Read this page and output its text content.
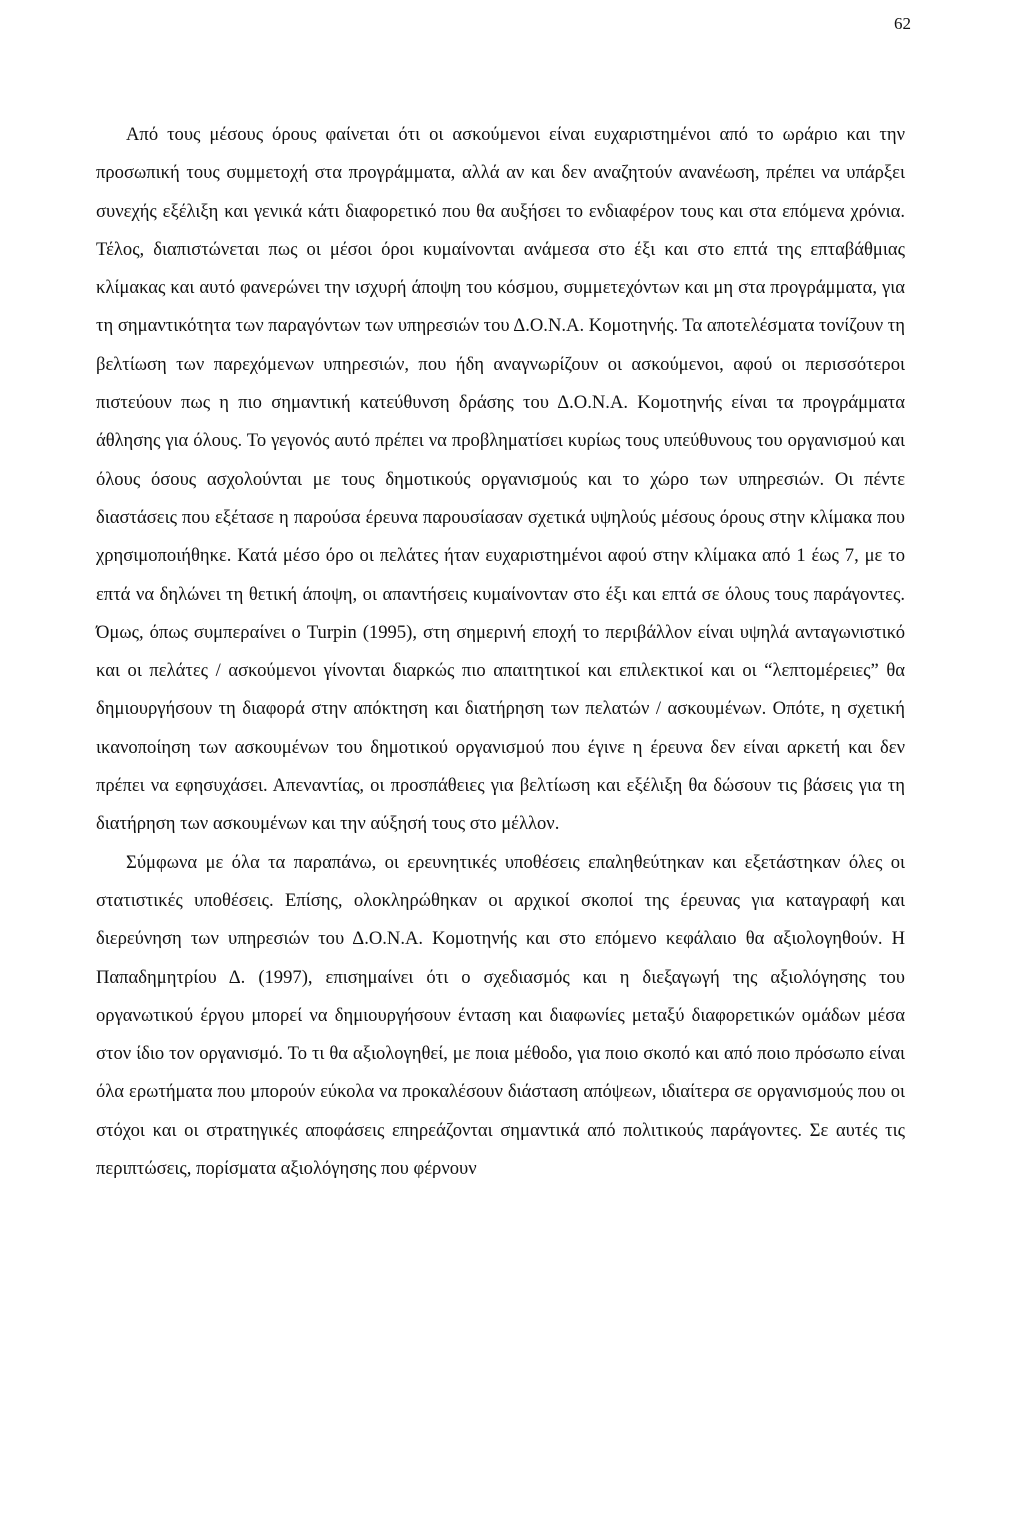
62

Από τους μέσους όρους φαίνεται ότι οι ασκούμενοι είναι ευχαριστημένοι από το ωράριο και την προσωπική τους συμμετοχή στα προγράμματα, αλλά αν και δεν αναζητούν ανανέωση, πρέπει να υπάρξει συνεχής εξέλιξη και γενικά κάτι διαφορετικό που θα αυξήσει το ενδιαφέρον τους και στα επόμενα χρόνια. Τέλος, διαπιστώνεται πως οι μέσοι όροι κυμαίνονται ανάμεσα στο έξι και στο επτά της επταβάθμιας κλίμακας και αυτό φανερώνει την ισχυρή άποψη του κόσμου, συμμετεχόντων και μη στα προγράμματα, για τη σημαντικότητα των παραγόντων των υπηρεσιών του Δ.Ο.Ν.Α. Κομοτηνής. Τα αποτελέσματα τονίζουν τη βελτίωση των παρεχόμενων υπηρεσιών, που ήδη αναγνωρίζουν οι ασκούμενοι, αφού οι περισσότεροι πιστεύουν πως η πιο σημαντική κατεύθυνση δράσης του Δ.Ο.Ν.Α. Κομοτηνής είναι τα προγράμματα άθλησης για όλους. Το γεγονός αυτό πρέπει να προβληματίσει κυρίως τους υπεύθυνους του οργανισμού και όλους όσους ασχολούνται με τους δημοτικούς οργανισμούς και το χώρο των υπηρεσιών. Οι πέντε διαστάσεις που εξέτασε η παρούσα έρευνα παρουσίασαν σχετικά υψηλούς μέσους όρους στην κλίμακα που χρησιμοποιήθηκε. Κατά μέσο όρο οι πελάτες ήταν ευχαριστημένοι αφού στην κλίμακα από 1 έως 7, με το επτά να δηλώνει τη θετική άποψη, οι απαντήσεις κυμαίνονταν στο έξι και επτά σε όλους τους παράγοντες. Όμως, όπως συμπεραίνει ο Turpin (1995), στη σημερινή εποχή το περιβάλλον είναι υψηλά ανταγωνιστικό και οι πελάτες / ασκούμενοι γίνονται διαρκώς πιο απαιτητικοί και επιλεκτικοί και οι “λεπτομέρειες” θα δημιουργήσουν τη διαφορά στην απόκτηση και διατήρηση των πελατών / ασκουμένων. Οπότε, η σχετική ικανοποίηση των ασκουμένων του δημοτικού οργανισμού που έγινε η έρευνα δεν είναι αρκετή και δεν πρέπει να εφησυχάσει. Απεναντίας, οι προσπάθειες για βελτίωση και εξέλιξη θα δώσουν τις βάσεις για τη διατήρηση των ασκουμένων και την αύξησή τους στο μέλλον.

Σύμφωνα με όλα τα παραπάνω, οι ερευνητικές υποθέσεις επαληθεύτηκαν και εξετάστηκαν όλες οι στατιστικές υποθέσεις. Επίσης, ολοκληρώθηκαν οι αρχικοί σκοποί της έρευνας για καταγραφή και διερεύνηση των υπηρεσιών του Δ.Ο.Ν.Α. Κομοτηνής και στο επόμενο κεφάλαιο θα αξιολογηθούν. Η Παπαδημητρίου Δ. (1997), επισημαίνει ότι ο σχεδιασμός και η διεξαγωγή της αξιολόγησης του οργανωτικού έργου μπορεί να δημιουργήσουν ένταση και διαφωνίες μεταξύ διαφορετικών ομάδων μέσα στον ίδιο τον οργανισμό. Το τι θα αξιολογηθεί, με ποια μέθοδο, για ποιο σκοπό και από ποιο πρόσωπο είναι όλα ερωτήματα που μπορούν εύκολα να προκαλέσουν διάσταση απόψεων, ιδιαίτερα σε οργανισμούς που οι στόχοι και οι στρατηγικές αποφάσεις επηρεάζονται σημαντικά από πολιτικούς παράγοντες. Σε αυτές τις περιπτώσεις, πορίσματα αξιολόγησης που φέρνουν
